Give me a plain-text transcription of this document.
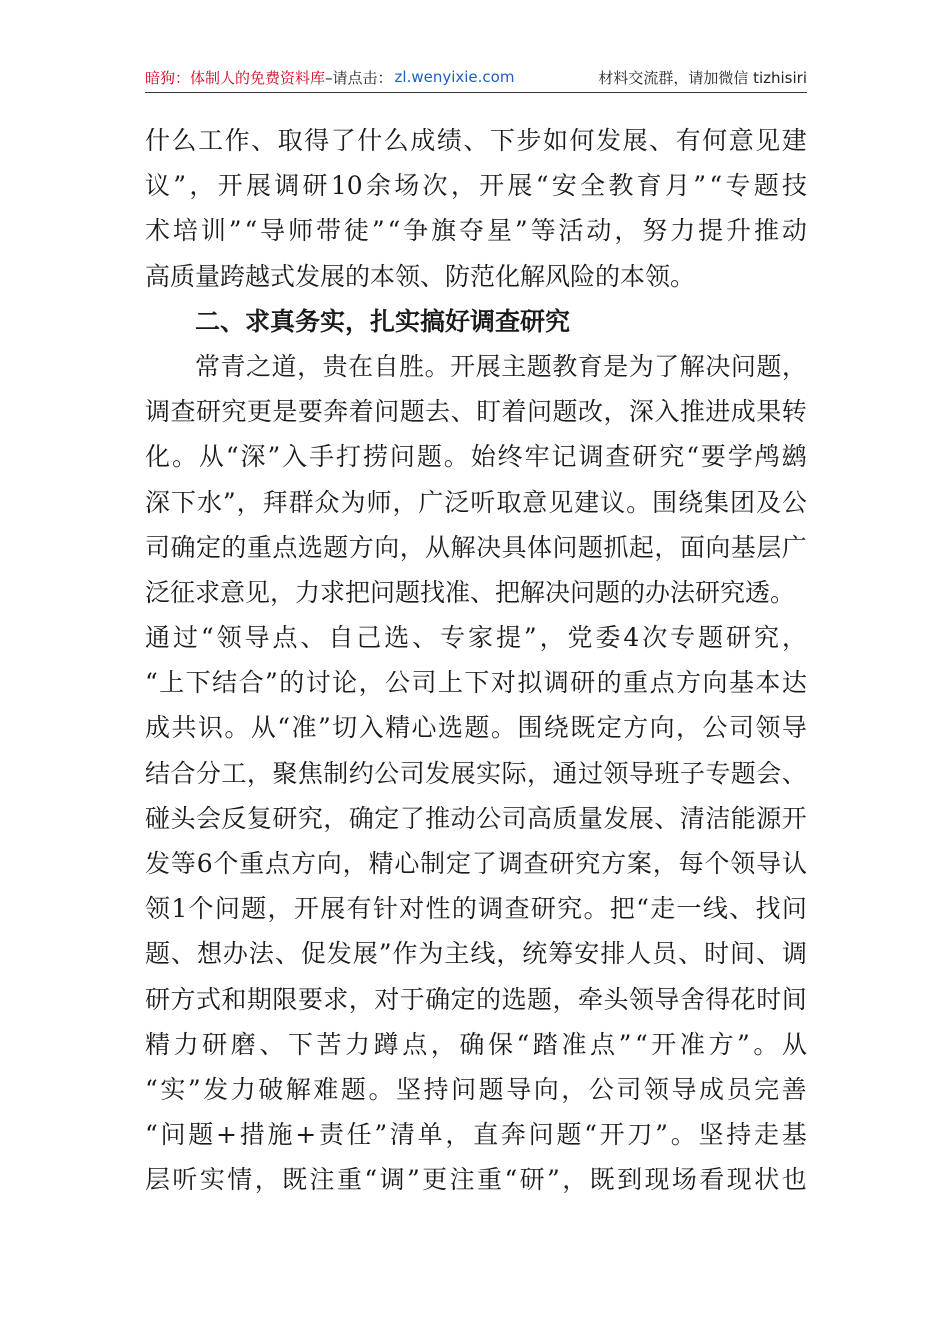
暗狗：体制人的免费资料库 –请点击： zl.wenyixie.com	材料交流群，请加微信 tizhisiri
什 么 工 作 、 取 得 了 什 么 成 绩 、 下 步 如 何 发 展 、 有 何 意 见 建
议 ” ， 开 展 调 研 10 余 场 次 ， 开 展 “ 安 全 教 育 月 ” “ 专 题 技
术 培 训 ” “ 导 师 带 徒 ” “ 争 旗 夺 星 ” 等 活 动 ， 努 力 提 升 推 动
高质量跨越式发展的本领、防范化解风险的本领。
二、求真务实，扎实搞好调查研究
常 青 之 道 ， 贵 在 自 胜 。 开 展 主 题 教 育 是 为 了 解 决 问 题 ，
调 查 研 究 更 是 要 奔 着 问 题 去 、 盯 着 问 题 改 ， 深 入 推 进 成 果 转
化 。 从 “ 深 ” 入 手 打 捞 问 题 。 始 终 牢 记 调 查 研 究 “ 要 学 鸬 鹚
深 下 水 ” ， 拜 群 众 为 师 ， 广 泛 听 取 意 见 建 议 。 围 绕 集 团 及 公
司 确 定 的 重 点 选 题 方 向 ， 从 解 决 具 体 问 题 抓 起 ， 面 向 基 层 广
泛征求意见，力求把问题找准、把解决问题的办法研究透。
通 过 “ 领 导 点 、 自 己 选 、 专 家 提 ” ， 党 委 4 次 专 题 研 究 ，
“ 上 下 结 合 ” 的 讨 论 ， 公 司 上 下 对 拟 调 研 的 重 点 方 向 基 本 达
成 共 识 。 从 “ 准 ” 切 入 精 心 选 题 。 围 绕 既 定 方 向 ， 公 司 领 导
结 合 分 工 ， 聚 焦 制 约 公 司 发 展 实 际 ， 通 过 领 导 班 子 专 题 会 、
碰 头 会 反 复 研 究 ， 确 定 了 推 动 公 司 高 质 量 发 展 、 清 洁 能 源 开
发 等 6 个 重 点 方 向 ， 精 心 制 定 了 调 查 研 究 方 案 ， 每 个 领 导 认
领 1 个 问 题 ， 开 展 有 针 对 性 的 调 查 研 究 。 把 “ 走 一 线 、 找 问
题 、 想 办 法 、 促 发 展 ” 作 为 主 线 ， 统 筹 安 排 人 员 、 时 间 、 调
研 方 式 和 期 限 要 求 ， 对 于 确 定 的 选 题 ， 牵 头 领 导 舍 得 花 时 间
精 力 研 磨 、 下 苦 力 蹲 点 ， 确 保 “ 踏 准 点 ” “ 开 准 方 ” 。 从
“ 实 ” 发 力 破 解 难 题 。 坚 持 问 题 导 向 ， 公 司 领 导 成 员 完 善
“ 问 题 + 措 施 + 责 任 ” 清 单 ， 直 奔 问 题 “ 开 刀 ” 。 坚 持 走 基
层 听 实 情 ， 既 注 重 “ 调 ” 更 注 重 “ 研 ” ， 既 到 现 场 看 现 状 也
